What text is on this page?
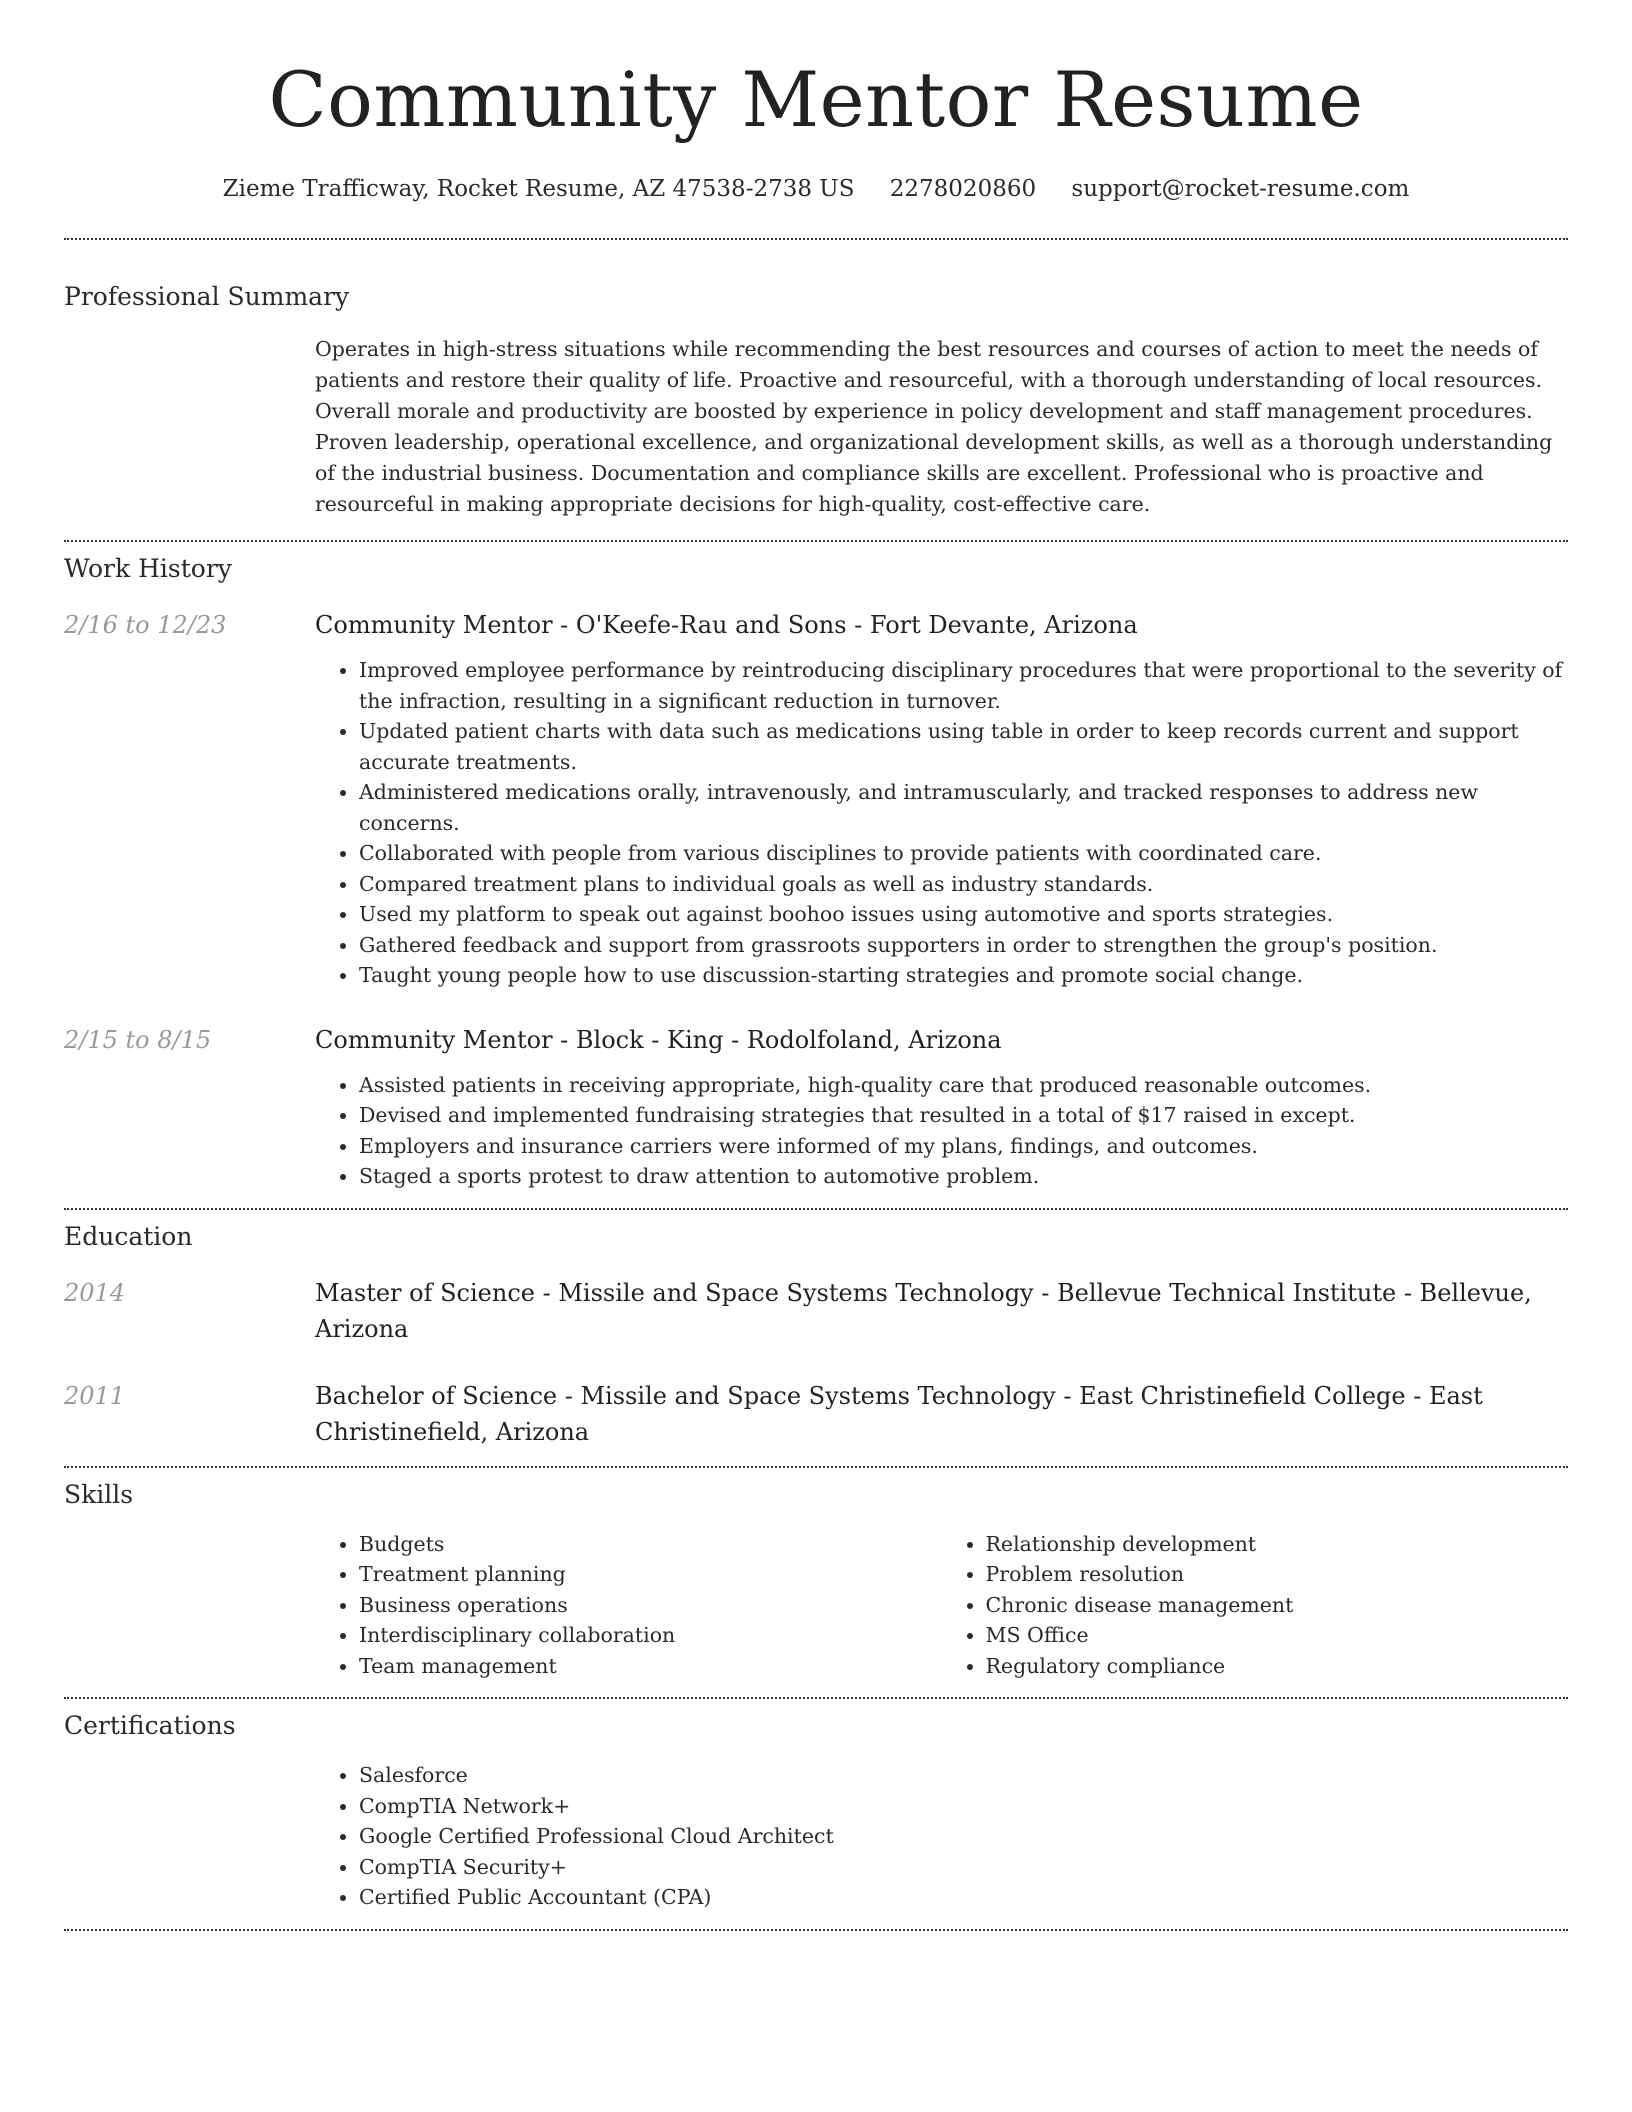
Community Mentor Resume
Zieme Trafficway, Rocket Resume, AZ 47538-2738 US 2278020860 support@rocket-resume.com
Professional Summary

Operates in high-stress situations while recommending the best resources and courses of action to meet the needs of patients and restore their quality of life. Proactive and resourceful, with a thorough understanding of local resources. Overall morale and productivity are boosted by experience in policy development and staff management procedures. Proven leadership, operational excellence, and organizational development skills, as well as a thorough understanding of the industrial business. Documentation and compliance skills are excellent. Professional who is proactive and resourceful in making appropriate decisions for high-quality, cost-effective care.

Work History
2/16 to 12/23	Community Mentor - O'Keefe-Rau and Sons - Fort Devante, Arizona
• Improved employee performance by reintroducing disciplinary procedures that were proportional to the severity of the infraction, resulting in a significant reduction in turnover.
• Updated patient charts with data such as medications using table in order to keep records current and support accurate treatments.
• Administered medications orally, intravenously, and intramuscularly, and tracked responses to address new concerns.
• Collaborated with people from various disciplines to provide patients with coordinated care.
• Compared treatment plans to individual goals as well as industry standards.
• Used my platform to speak out against boohoo issues using automotive and sports strategies.
• Gathered feedback and support from grassroots supporters in order to strengthen the group's position.
• Taught young people how to use discussion-starting strategies and promote social change.
2/15 to 8/15	Community Mentor - Block - King - Rodolfoland, Arizona
• Assisted patients in receiving appropriate, high-quality care that produced reasonable outcomes.
• Devised and implemented fundraising strategies that resulted in a total of $17 raised in except.
• Employers and insurance carriers were informed of my plans, findings, and outcomes.
• Staged a sports protest to draw attention to automotive problem.
Education
2014	Master of Science - Missile and Space Systems Technology - Bellevue Technical Institute - Bellevue, Arizona
2011	Bachelor of Science - Missile and Space Systems Technology - East Christinefield College - East Christinefield, Arizona
Skills
• Budgets
• Treatment planning
• Business operations
• Interdisciplinary collaboration
• Team management
• Relationship development
• Problem resolution
• Chronic disease management
• MS Office
• Regulatory compliance
Certifications
• Salesforce
• CompTIA Network+
• Google Certified Professional Cloud Architect
• CompTIA Security+
• Certified Public Accountant (CPA)
